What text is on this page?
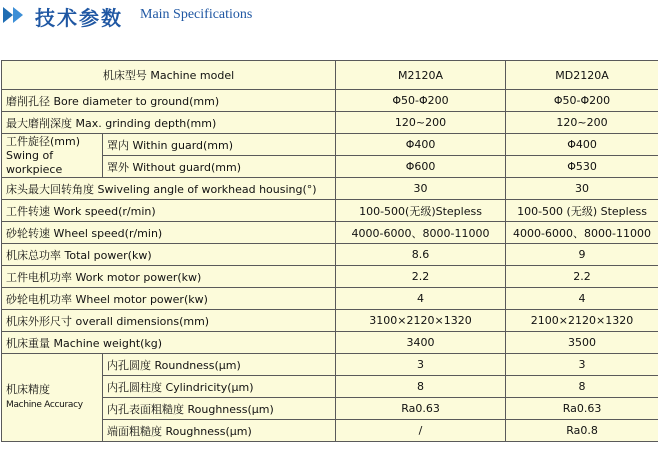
技术参数 Main Specifications
机床型号 Machine model		M2120A	MD2120A
磨削孔径 Bore diameter to ground(mm)		Φ50-Φ200	Φ50-Φ200
最大磨削深度 Max. grinding depth(mm)		120~200	120~200
工件旋径(mm)
Swing of workpiece	罩内 Within guard(mm)	Φ400	Φ400
	罩外 Without guard(mm)	Φ600	Φ530
床头最大回转角度 Swiveling angle of workhead housing(°)		30	30
工件转速 Work speed(r/min)		100-500(无级)Stepless	100-500 (无级) Stepless
砂轮转速 Wheel speed(r/min)		4000-6000、8000-11000	4000-6000、8000-11000
机床总功率 Total power(kw)		8.6	9
工件电机功率 Work motor power(kw)		2.2	2.2
砂轮电机功率 Wheel motor power(kw)		4	4
机床外形尺寸 overall dimensions(mm)		3100×2120×1320	2100×2120×1320
机床重量 Machine weight(kg)		3400	3500
机床精度
Machine Accuracy	内孔圆度 Roundness(μm)	3	3
	内孔圆柱度 Cylindricity(μm)	8	8
	内孔表面粗糙度 Roughness(μm)	Ra0.63	Ra0.63
	端面粗糙度 Roughness(μm)	/	Ra0.8
